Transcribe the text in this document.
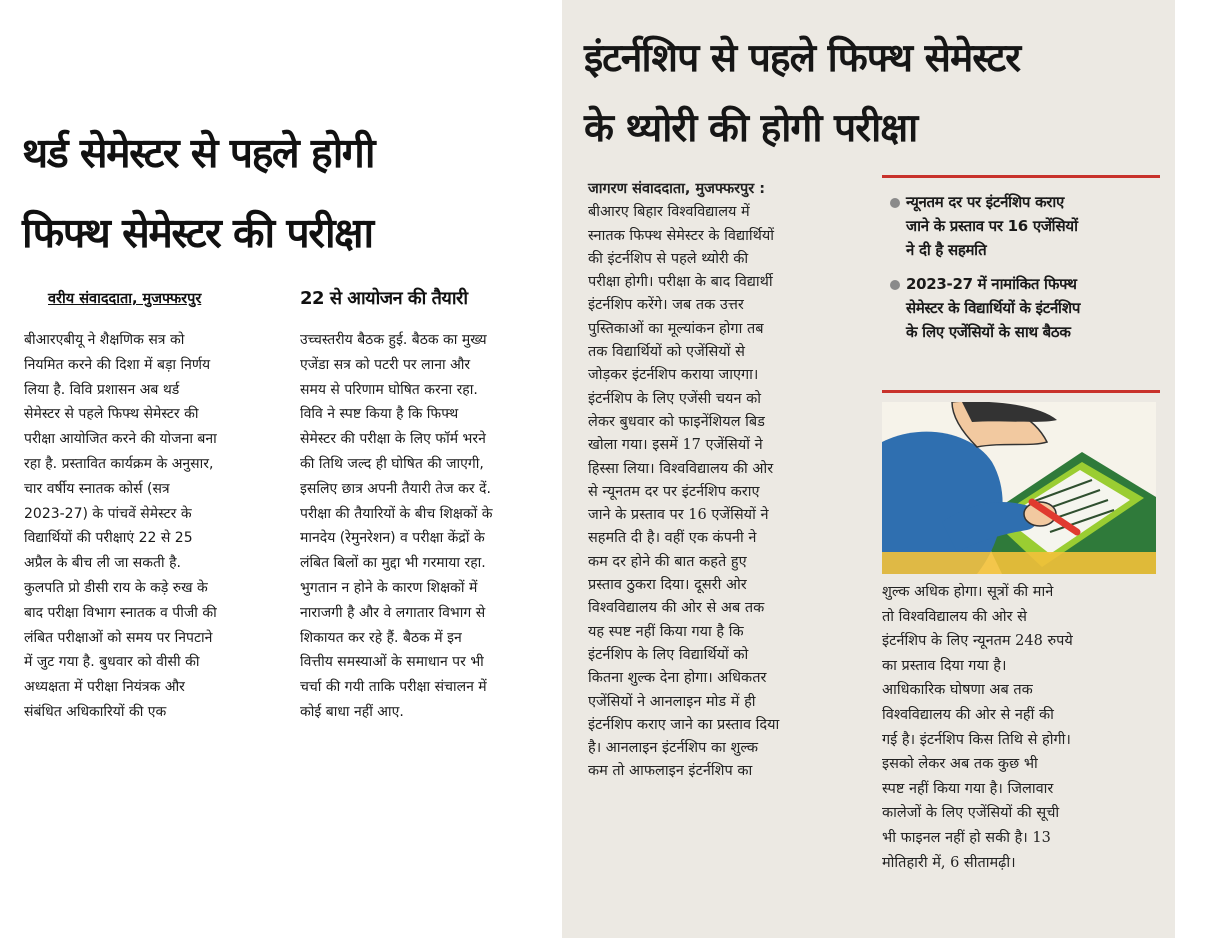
थर्ड सेमेस्टर से पहले होगी
फिफ्थ सेमेस्टर की परीक्षा
वरीय संवाददाता, मुजफ्फरपुर	22 से आयोजन की तैयारी
बीआरएबीयू ने शैक्षणिक सत्र को
नियमित करने की दिशा में बड़ा निर्णय
लिया है. विवि प्रशासन अब थर्ड
सेमेस्टर से पहले फिफ्थ सेमेस्टर की
परीक्षा आयोजित करने की योजना बना
रहा है. प्रस्तावित कार्यक्रम के अनुसार,
चार वर्षीय स्नातक कोर्स (सत्र
2023-27) के पांचवें सेमेस्टर के
विद्यार्थियों की परीक्षाएं 22 से 25
अप्रैल के बीच ली जा सकती है.
कुलपति प्रो डीसी राय के कड़े रुख के
बाद परीक्षा विभाग स्नातक व पीजी की
लंबित परीक्षाओं को समय पर निपटाने
में जुट गया है. बुधवार को वीसी की
अध्यक्षता में परीक्षा नियंत्रक और
संबंधित अधिकारियों की एक
उच्चस्तरीय बैठक हुई. बैठक का मुख्य
एजेंडा सत्र को पटरी पर लाना और
समय से परिणाम घोषित करना रहा.
विवि ने स्पष्ट किया है कि फिफ्थ
सेमेस्टर की परीक्षा के लिए फॉर्म भरने
की तिथि जल्द ही घोषित की जाएगी,
इसलिए छात्र अपनी तैयारी तेज कर दें.
परीक्षा की तैयारियों के बीच शिक्षकों के
मानदेय (रेमुनरेशन) व परीक्षा केंद्रों के
लंबित बिलों का मुद्दा भी गरमाया रहा.
भुगतान न होने के कारण शिक्षकों में
नाराजगी है और वे लगातार विभाग से
शिकायत कर रहे हैं. बैठक में इन
वित्तीय समस्याओं के समाधान पर भी
चर्चा की गयी ताकि परीक्षा संचालन में
कोई बाधा नहीं आए.
इंटर्नशिप से पहले फिफ्थ सेमेस्टर
के थ्योरी की होगी परीक्षा
जागरण संवाददाता, मुजफ्फरपुर :
बीआरए बिहार विश्वविद्यालय में
स्नातक फिफ्थ सेमेस्टर के विद्यार्थियों
की इंटर्नशिप से पहले थ्योरी की
परीक्षा होगी। परीक्षा के बाद विद्यार्थी
इंटर्नशिप करेंगे। जब तक उत्तर
पुस्तिकाओं का मूल्यांकन होगा तब
तक विद्यार्थियों को एजेंसियों से
जोड़कर इंटर्नशिप कराया जाएगा।
इंटर्नशिप के लिए एजेंसी चयन को
लेकर बुधवार को फाइनेंशियल बिड
खोला गया। इसमें 17 एजेंसियों ने
हिस्सा लिया। विश्वविद्यालय की ओर
से न्यूनतम दर पर इंटर्नशिप कराए
जाने के प्रस्ताव पर 16 एजेंसियों ने
सहमति दी है। वहीं एक कंपनी ने
कम दर होने की बात कहते हुए
प्रस्ताव ठुकरा दिया। दूसरी ओर
विश्वविद्यालय की ओर से अब तक
यह स्पष्ट नहीं किया गया है कि
इंटर्नशिप के लिए विद्यार्थियों को
कितना शुल्क देना होगा। अधिकतर
एजेंसियों ने आनलाइन मोड में ही
इंटर्नशिप कराए जाने का प्रस्ताव दिया
है। आनलाइन इंटर्नशिप का शुल्क
कम तो आफलाइन इंटर्नशिप का
न्यूनतम दर पर इंटर्नशिप कराए
जाने के प्रस्ताव पर 16 एजेंसियों
ने दी है सहमति
2023-27 में नामांकित फिफ्थ
सेमेस्टर के विद्यार्थियों के इंटर्नशिप
के लिए एजेंसियों के साथ बैठक
शुल्क अधिक होगा। सूत्रों की माने
तो विश्वविद्यालय की ओर से
इंटर्नशिप के लिए न्यूनतम 248 रुपये
का प्रस्ताव दिया गया है।
आधिकारिक घोषणा अब तक
विश्वविद्यालय की ओर से नहीं की
गई है। इंटर्नशिप किस तिथि से होगी।
इसको लेकर अब तक कुछ भी
स्पष्ट नहीं किया गया है। जिलावार
कालेजों के लिए एजेंसियों की सूची
भी फाइनल नहीं हो सकी है। 13
मोतिहारी में, 6 सीतामढ़ी।
